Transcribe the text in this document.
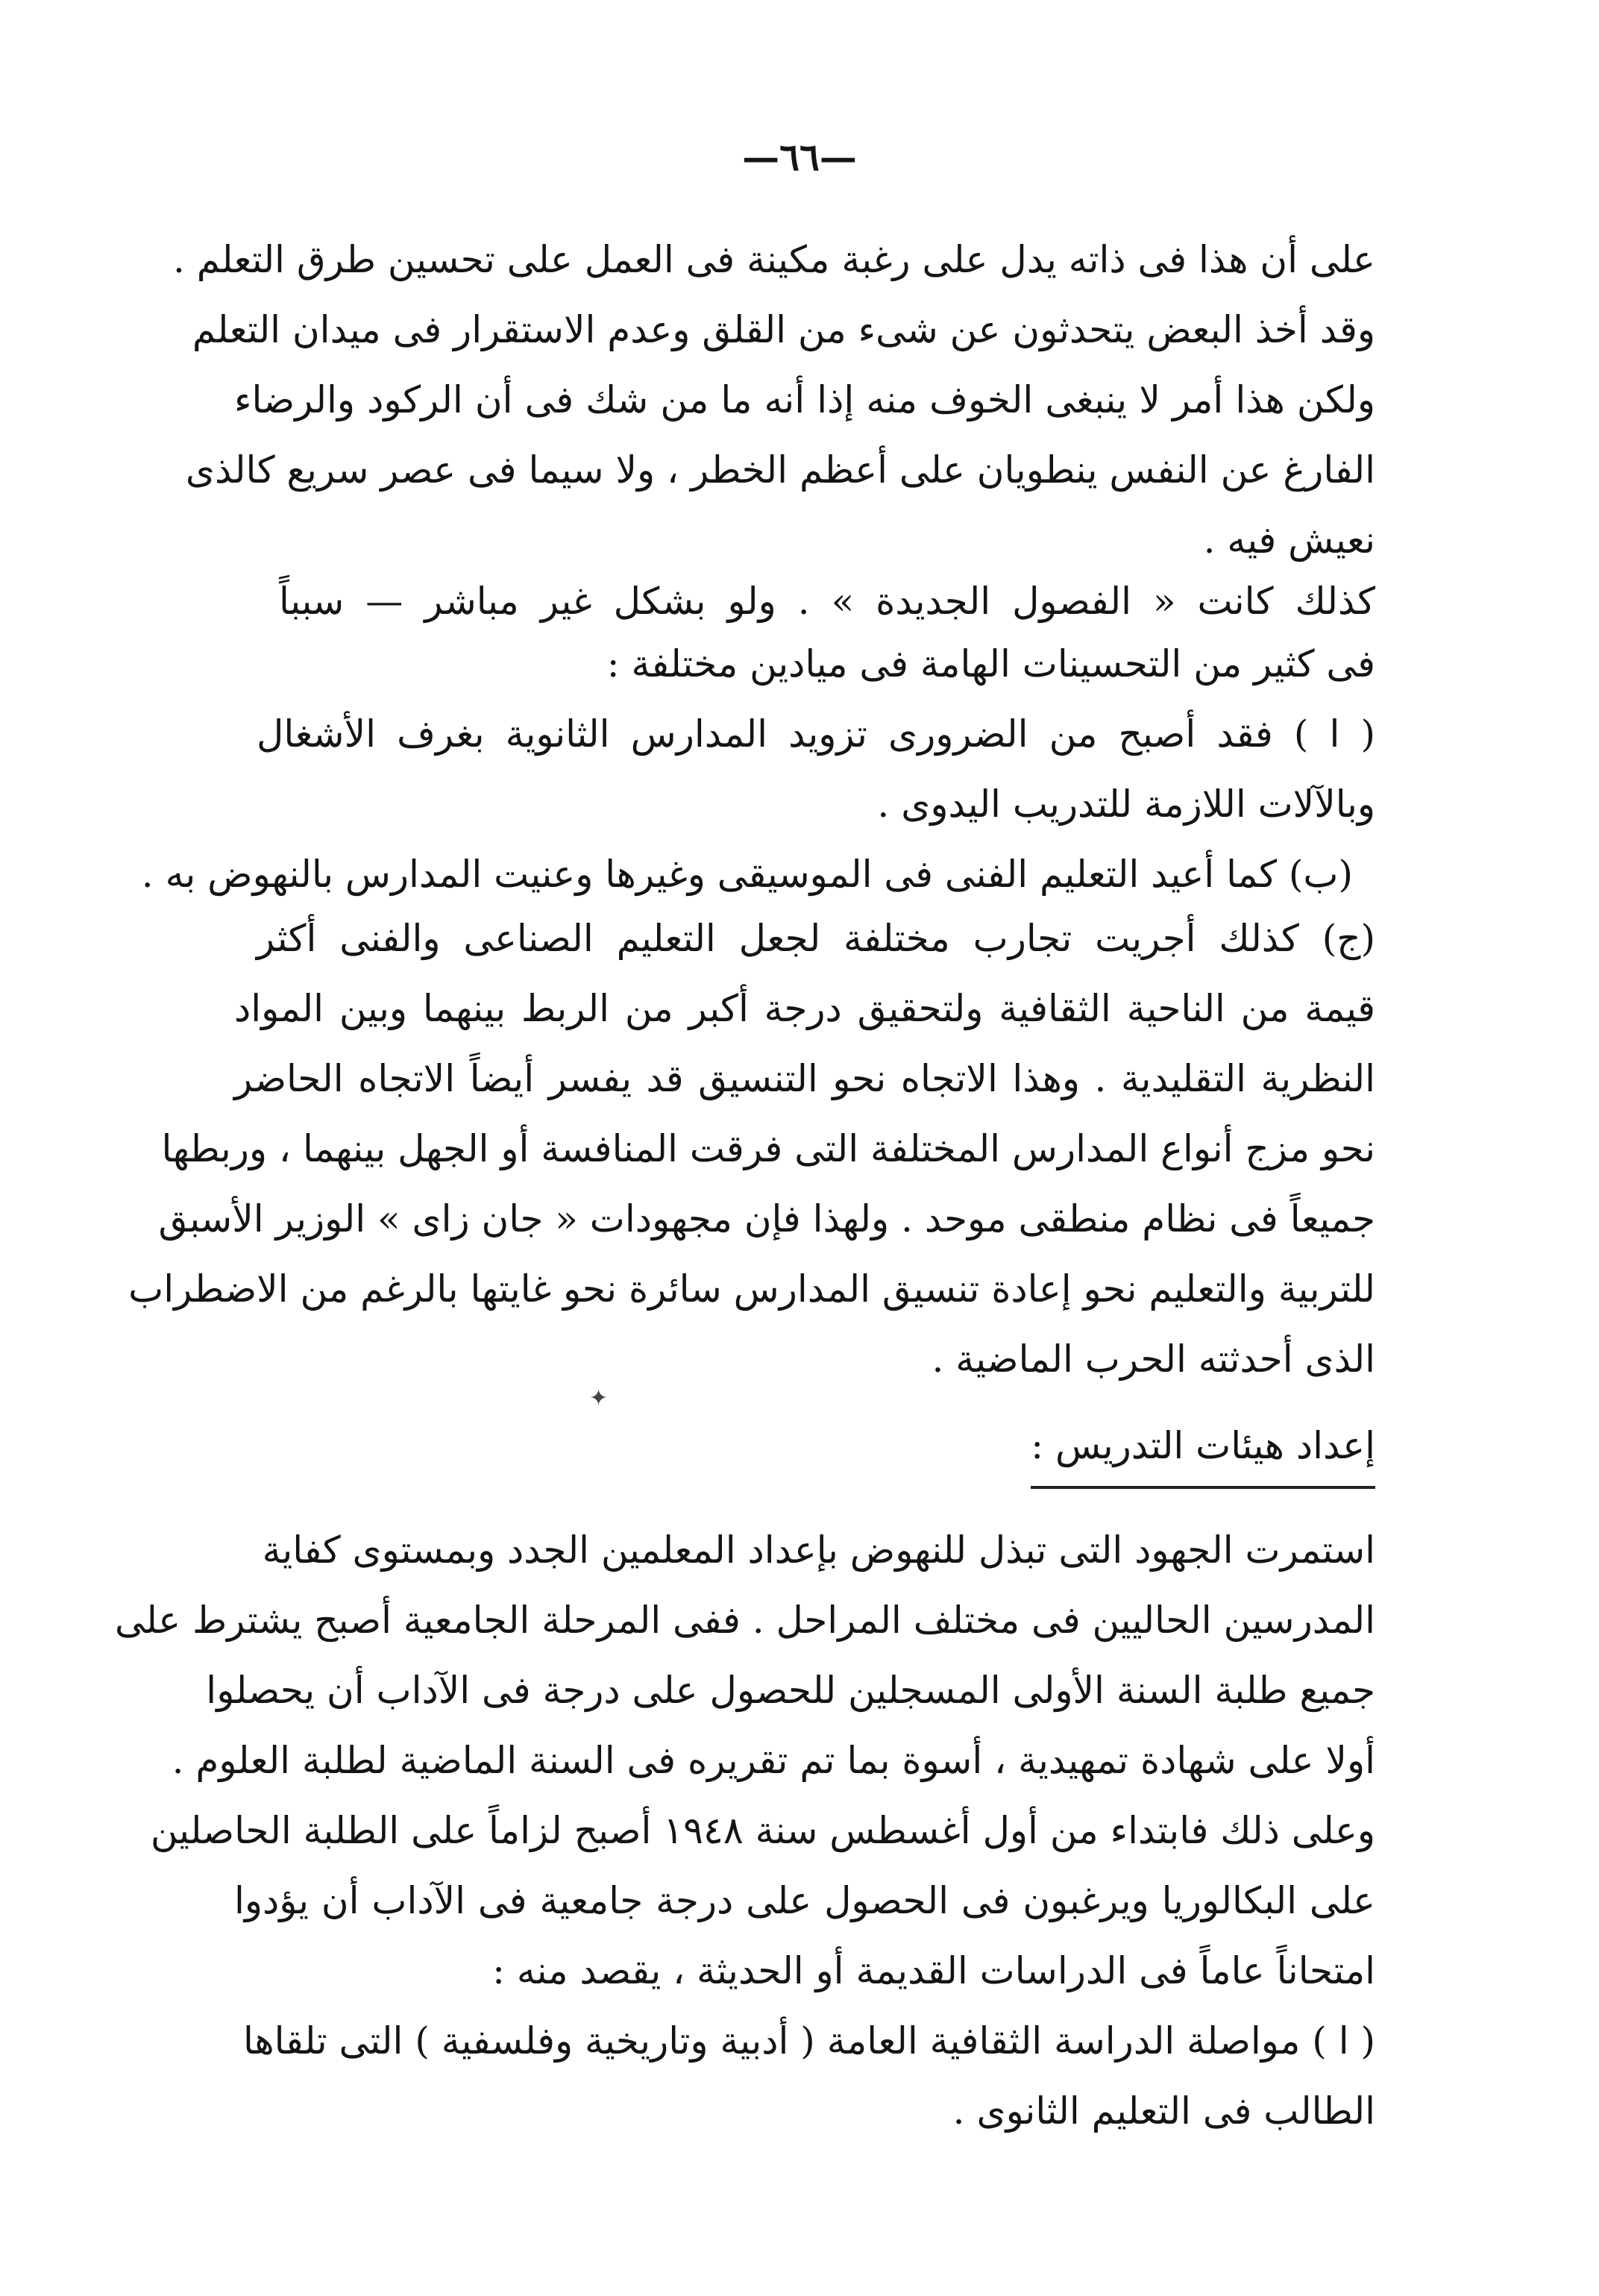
—٦٦—
على أن هذا فى ذاته يدل على رغبة مكينة فى العمل على تحسين طرق التعلم .
وقد أخذ البعض يتحدثون عن شىء من القلق وعدم الاستقرار فى ميدان التعلم
ولكن هذا أمر لا ينبغى الخوف منه إذا أنه ما من شك فى أن الركود والرضاء
الفارغ عن النفس ينطويان على أعظم الخطر ، ولا سيما فى عصر سريع كالذى
نعيش فيه .
كذلك كانت « الفصول الجديدة » . ولو بشكل غير مباشر — سبباً
فى كثير من التحسينات الهامة فى ميادين مختلفة :
( ا ) فقد أصبح من الضرورى تزويد المدارس الثانوية بغرف الأشغال
وبالآلات اللازمة للتدريب اليدوى .
(ب) كما أعيد التعليم الفنى فى الموسيقى وغيرها وعنيت المدارس بالنهوض به .
(ج) كذلك أجريت تجارب مختلفة لجعل التعليم الصناعى والفنى أكثر
قيمة من الناحية الثقافية ولتحقيق درجة أكبر من الربط بينهما وبين المواد
النظرية التقليدية . وهذا الاتجاه نحو التنسيق قد يفسر أيضاً الاتجاه الحاضر
نحو مزج أنواع المدارس المختلفة التى فرقت المنافسة أو الجهل بينهما ، وربطها
جميعاً فى نظام منطقى موحد . ولهذا فإن مجهودات « جان زاى » الوزير الأسبق
للتربية والتعليم نحو إعادة تنسيق المدارس سائرة نحو غايتها بالرغم من الاضطراب
الذى أحدثته الحرب الماضية .
✦
إعداد هيئات التدريس :
استمرت الجهود التى تبذل للنهوض بإعداد المعلمين الجدد وبمستوى كفاية
المدرسين الحاليين فى مختلف المراحل . ففى المرحلة الجامعية أصبح يشترط على
جميع طلبة السنة الأولى المسجلين للحصول على درجة فى الآداب أن يحصلوا
أولا على شهادة تمهيدية ، أسوة بما تم تقريره فى السنة الماضية لطلبة العلوم .
وعلى ذلك فابتداء من أول أغسطس سنة ١٩٤٨ أصبح لزاماً على الطلبة الحاصلين
على البكالوريا ويرغبون فى الحصول على درجة جامعية فى الآداب أن يؤدوا
امتحاناً عاماً فى الدراسات القديمة أو الحديثة ، يقصد منه :
( ا ) مواصلة الدراسة الثقافية العامة ( أدبية وتاريخية وفلسفية ) التى تلقاها
الطالب فى التعليم الثانوى .
